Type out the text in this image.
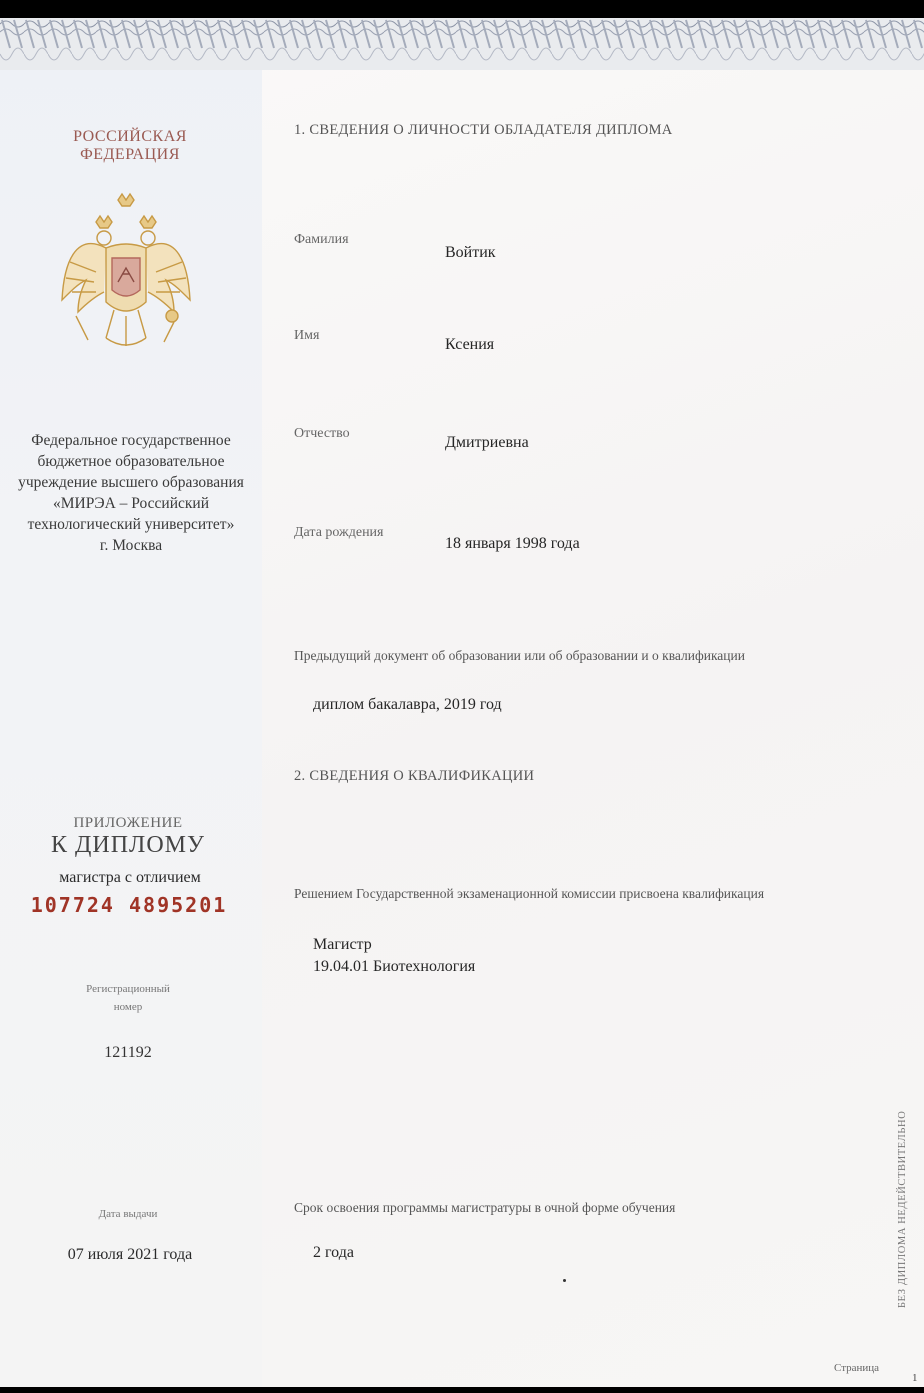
РОССИЙСКАЯ
ФЕДЕРАЦИЯ
Федеральное государственное
бюджетное образовательное
учреждение высшего образования
«МИРЭА – Российский
технологический университет»
г. Москва
ПРИЛОЖЕНИЕ
К ДИПЛОМУ
магистра с отличием
107724 4895201
Регистрационный
номер
121192
Дата выдачи
07 июля 2021 года
1. СВЕДЕНИЯ О ЛИЧНОСТИ ОБЛАДАТЕЛЯ ДИПЛОМА
Фамилия
Войтик
Имя
Ксения
Отчество
Дмитриевна
Дата рождения
18 января 1998 года
Предыдущий документ об образовании или об образовании и о квалификации
диплом бакалавра, 2019 год
2. СВЕДЕНИЯ О КВАЛИФИКАЦИИ
Решением Государственной экзаменационной комиссии присвоена квалификация
Магистр
19.04.01 Биотехнология
Срок освоения программы магистратуры в очной форме обучения
2 года	БЕЗ ДИПЛОМА НЕДЕЙСТВИТЕЛЬНО
Страница
1
